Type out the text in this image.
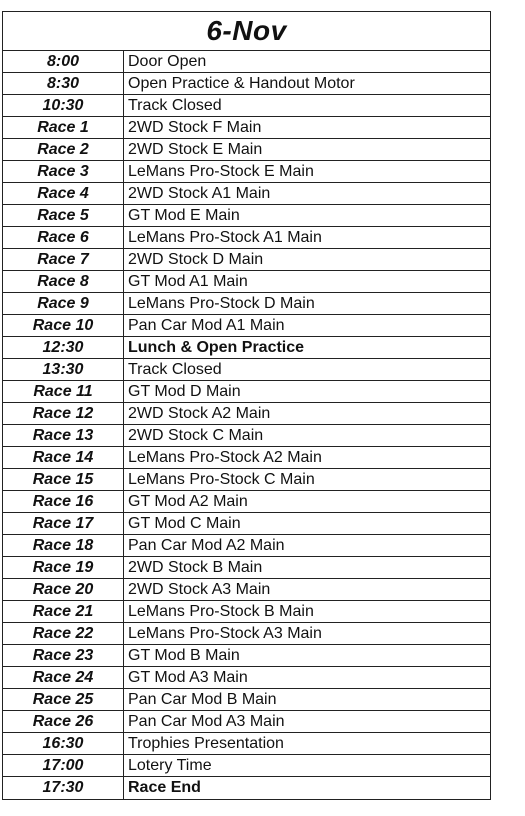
6-Nov
8:00	Door Open
8:30	Open Practice & Handout Motor
10:30	Track Closed
Race 1	2WD Stock F Main
Race 2	2WD Stock E Main
Race 3	LeMans Pro-Stock E Main
Race 4	2WD Stock A1 Main
Race 5	GT Mod E Main
Race 6	LeMans Pro-Stock A1 Main
Race 7	2WD Stock D Main
Race 8	GT Mod A1 Main
Race 9	LeMans Pro-Stock D Main
Race 10	Pan Car Mod A1 Main
12:30	Lunch & Open Practice
13:30	Track Closed
Race 11	GT Mod D Main
Race 12	2WD Stock A2 Main
Race 13	2WD Stock C Main
Race 14	LeMans Pro-Stock A2 Main
Race 15	LeMans Pro-Stock C Main
Race 16	GT Mod A2 Main
Race 17	GT Mod C Main
Race 18	Pan Car Mod A2 Main
Race 19	2WD Stock B Main
Race 20	2WD Stock A3 Main
Race 21	LeMans Pro-Stock B Main
Race 22	LeMans Pro-Stock A3 Main
Race 23	GT Mod B Main
Race 24	GT Mod A3 Main
Race 25	Pan Car Mod B Main
Race 26	Pan Car Mod A3 Main
16:30	Trophies Presentation
17:00	Lotery Time
17:30	Race End
